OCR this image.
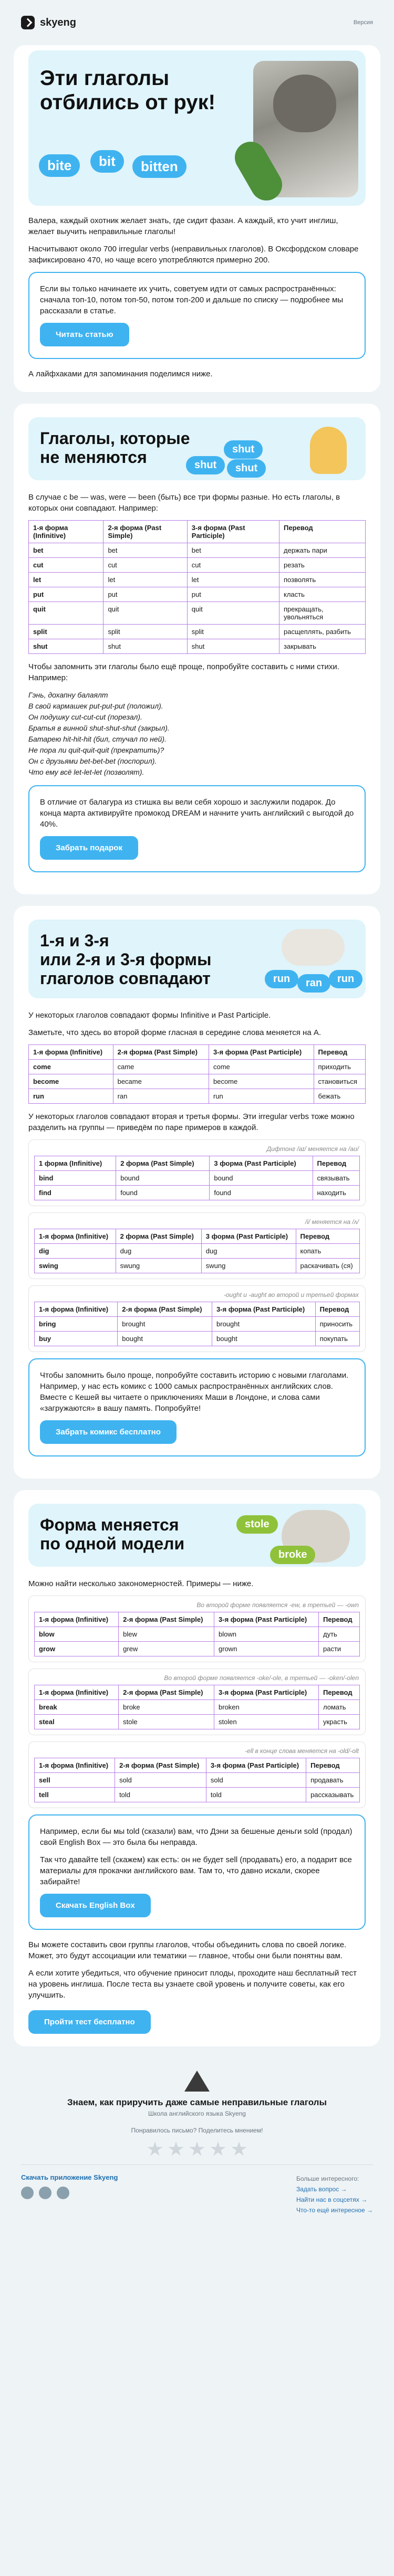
skyeng	Версия
Эти глаголы
отбились от рук!
bite	bit	bitten

Валера, каждый охотник желает знать, где сидит фазан. А каждый, кто учит инглиш, желает выучить неправильные глаголы!

Насчитывают около 700 irregular verbs (неправильных глаголов). В Оксфордском словаре зафиксировано 470, но чаще всего употребляются примерно 200.

Если вы только начинаете их учить, советуем идти от самых распространённых: сначала топ-10, потом топ-50, потом топ-200 и дальше по списку — подробнее мы рассказали в статье.

Читать статью

А лайфхаками для запоминания поделимся ниже.

Глаголы, которые
не меняются	shut
shut	shut

В случае с be — was, were — been (быть) все три формы разные. Но есть глаголы, в которых они совпадают. Например:

1-я форма (Infinitive)	2-я форма (Past Simple)	3-я форма (Past Participle)	Перевод
bet	bet	bet	держать пари
cut	cut	cut	резать
let	let	let	позволять
put	put	put	класть
quit	quit	quit	прекращать, увольняться
split	split	split	расщеплять, разбить
shut	shut	shut	закрывать

Чтобы запомнить эти глаголы было ещё проще, попробуйте составить с ними стихи. Например:

Гэнь, дохапну балаялт

В свой кармашек put-put-put (положил).

Он подушку cut-cut-cut (порезал).

Братья в винной shut-shut-shut (закрыл).

Батарею hit-hit-hit (бил, стучал по ней).

Не пора ли quit-quit-quit (прекратить)?

Он с друзьями bet-bet-bet (поспорил).

Что ему всё let-let-let (позволят).

В отличие от балагура из стишка вы вели себя хорошо и заслужили подарок. До конца марта активируйте промокод DREAM и начните учить английский с выгодой до 40%.

Забрать подарок
1-я и 3-я
или 2-я и 3-я формы
глаголов совпадают	run	ran	run

У некоторых глаголов совпадают формы Infinitive и Past Participle.

Заметьте, что здесь во второй форме гласная в середине слова меняется на А.

1-я форма (Infinitive)	2-я форма (Past Simple)	3-я форма (Past Participle)	Перевод
come	came	come	приходить
become	became	become	становиться
run	ran	run	бежать

У некоторых глаголов совпадают вторая и третья формы. Эти irregular verbs тоже можно разделить на группы — приведём по паре примеров в каждой.

Дифтонг /aɪ/ меняется на /aʊ/
1 форма (Infinitive)	2 форма (Past Simple)	3 форма (Past Participle)	Перевод
bind	bound	bound	связывать
find	found	found	находить
/i/ меняется на /ʌ/
1-я форма (Infinitive)	2 форма (Past Simple)	3 форма (Past Participle)	Перевод
dig	dug	dug	копать
swing	swung	swung	раскачивать (ся)
-ought и -aught во второй и третьей формах
1-я форма (Infinitive)	2-я форма (Past Simple)	3-я форма (Past Participle)	Перевод
bring	brought	brought	приносить
buy	bought	bought	покупать

Чтобы запомнить было проще, попробуйте составить историю с новыми глаголами. Например, у нас есть комикс с 1000 самых распространённых английских слов. Вместе с Кешей вы читаете о приключениях Маши в Лондоне, и слова сами «загружаются» в вашу память. Попробуйте!

Забрать комикс бесплатно
Форма меняется
по одной модели
stole
broke

Можно найти несколько закономерностей. Примеры — ниже.

Во второй форме появляется -ew, в третьей — -own
1-я форма (Infinitive)	2-я форма (Past Simple)	3-я форма (Past Participle)	Перевод
blow	blew	blown	дуть
grow	grew	grown	расти
Во второй форме появляется -oke/-ole, в третьей — -oken/-olen
1-я форма (Infinitive)	2-я форма (Past Simple)	3-я форма (Past Participle)	Перевод
break	broke	broken	ломать
steal	stole	stolen	украсть
-ell в конце слова меняется на -old/-olt
1-я форма (Infinitive)	2-я форма (Past Simple)	3-я форма (Past Participle)	Перевод
sell	sold	sold	продавать
tell	told	told	рассказывать

Например, если бы мы told (сказали) вам, что Дэни за бешеные деньги sold (продал) свой English Box — это была бы неправда.

Так что давайте tell (скажем) как есть: он не будет sell (продавать) его, а подарит все материалы для прокачки английского вам. Там то, что давно искали, скорее забирайте!

Скачать English Box

Вы можете составить свои группы глаголов, чтобы объединить слова по своей логике. Может, это будут ассоциации или тематики — главное, чтобы они были понятны вам.

А если хотите убедиться, что обучение приносит плоды, проходите наш бесплатный тест на уровень инглиша. После теста вы узнаете свой уровень и получите советы, как его улучшить.

Пройти тест бесплатно
Знаем, как приручить даже самые неправильные глаголы
Школа английского языка Skyeng
Понравилось письмо? Поделитесь мнением!
Скачать приложение Skyeng	Больше интересного:
Задать вопрос →
Найти нас в соцсетях →
Что-то ещё интересное →
